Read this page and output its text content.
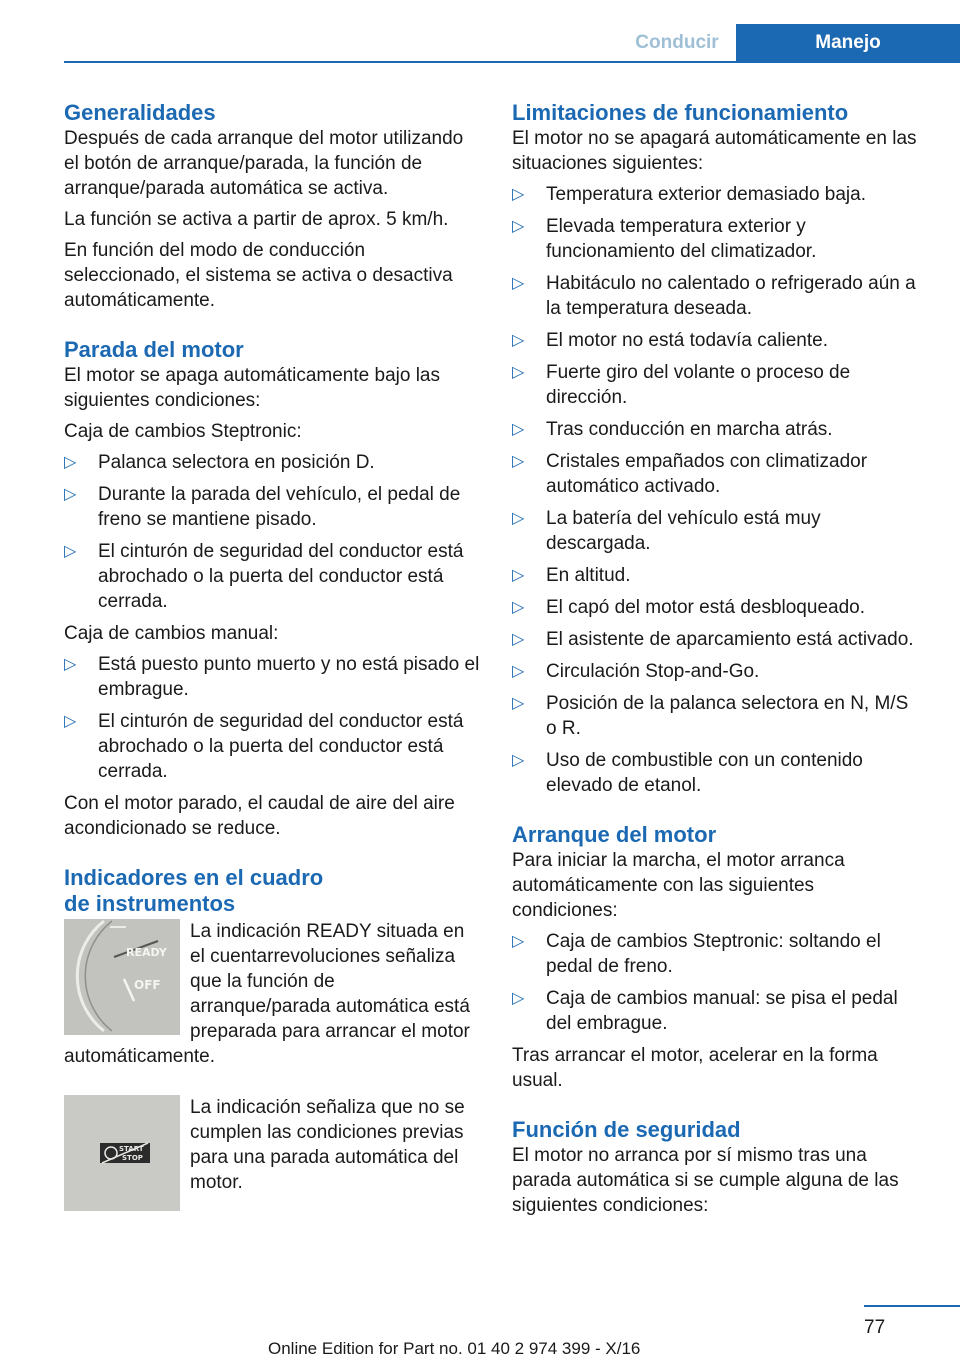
Conducir	Manejo
Generalidades

Después de cada arranque del motor utilizando el botón de arranque/parada, la función de arranque/parada automática se activa.

La función se activa a partir de aprox. 5 km/h.

En función del modo de conducción seleccionado, el sistema se activa o desactiva automáticamente.

Parada del motor

El motor se apaga automáticamente bajo las siguientes condiciones:

Caja de cambios Steptronic:

▷ Palanca selectora en posición D.
▷ Durante la parada del vehículo, el pedal de freno se mantiene pisado.
▷ El cinturón de seguridad del conductor está abrochado o la puerta del conductor está cerrada.

Caja de cambios manual:

▷ Está puesto punto muerto y no está pisado el embrague.
▷ El cinturón de seguridad del conductor está abrochado o la puerta del conductor está cerrada.

Con el motor parado, el caudal de aire del aire acondicionado se reduce.

Indicadores en el cuadro
de instrumentos
READY
OFF

La indicación READY situada en el cuentarrevoluciones señaliza que la función de arranque/parada automática está preparada para arrancar el motor automáticamente.

START
STOP

La indicación señaliza que no se cumplen las condiciones previas para una parada automática del motor.

Limitaciones de funcionamiento

El motor no se apagará automáticamente en las situaciones siguientes:

▷ Temperatura exterior demasiado baja.
▷ Elevada temperatura exterior y funcionamiento del climatizador.
▷ Habitáculo no calentado o refrigerado aún a la temperatura deseada.
▷ El motor no está todavía caliente.
▷ Fuerte giro del volante o proceso de dirección.
▷ Tras conducción en marcha atrás.
▷ Cristales empañados con climatizador automático activado.
▷ La batería del vehículo está muy descargada.
▷ En altitud.
▷ El capó del motor está desbloqueado.
▷ El asistente de aparcamiento está activado.
▷ Circulación Stop-and-Go.
▷ Posición de la palanca selectora en N, M/S o R.
▷ Uso de combustible con un contenido elevado de etanol.
Arranque del motor

Para iniciar la marcha, el motor arranca automáticamente con las siguientes condiciones:

▷ Caja de cambios Steptronic: soltando el pedal de freno.
▷ Caja de cambios manual: se pisa el pedal del embrague.

Tras arrancar el motor, acelerar en la forma usual.

Función de seguridad

El motor no arranca por sí mismo tras una parada automática si se cumple alguna de las siguientes condiciones:

77
Online Edition for Part no. 01 40 2 974 399 - X/16
